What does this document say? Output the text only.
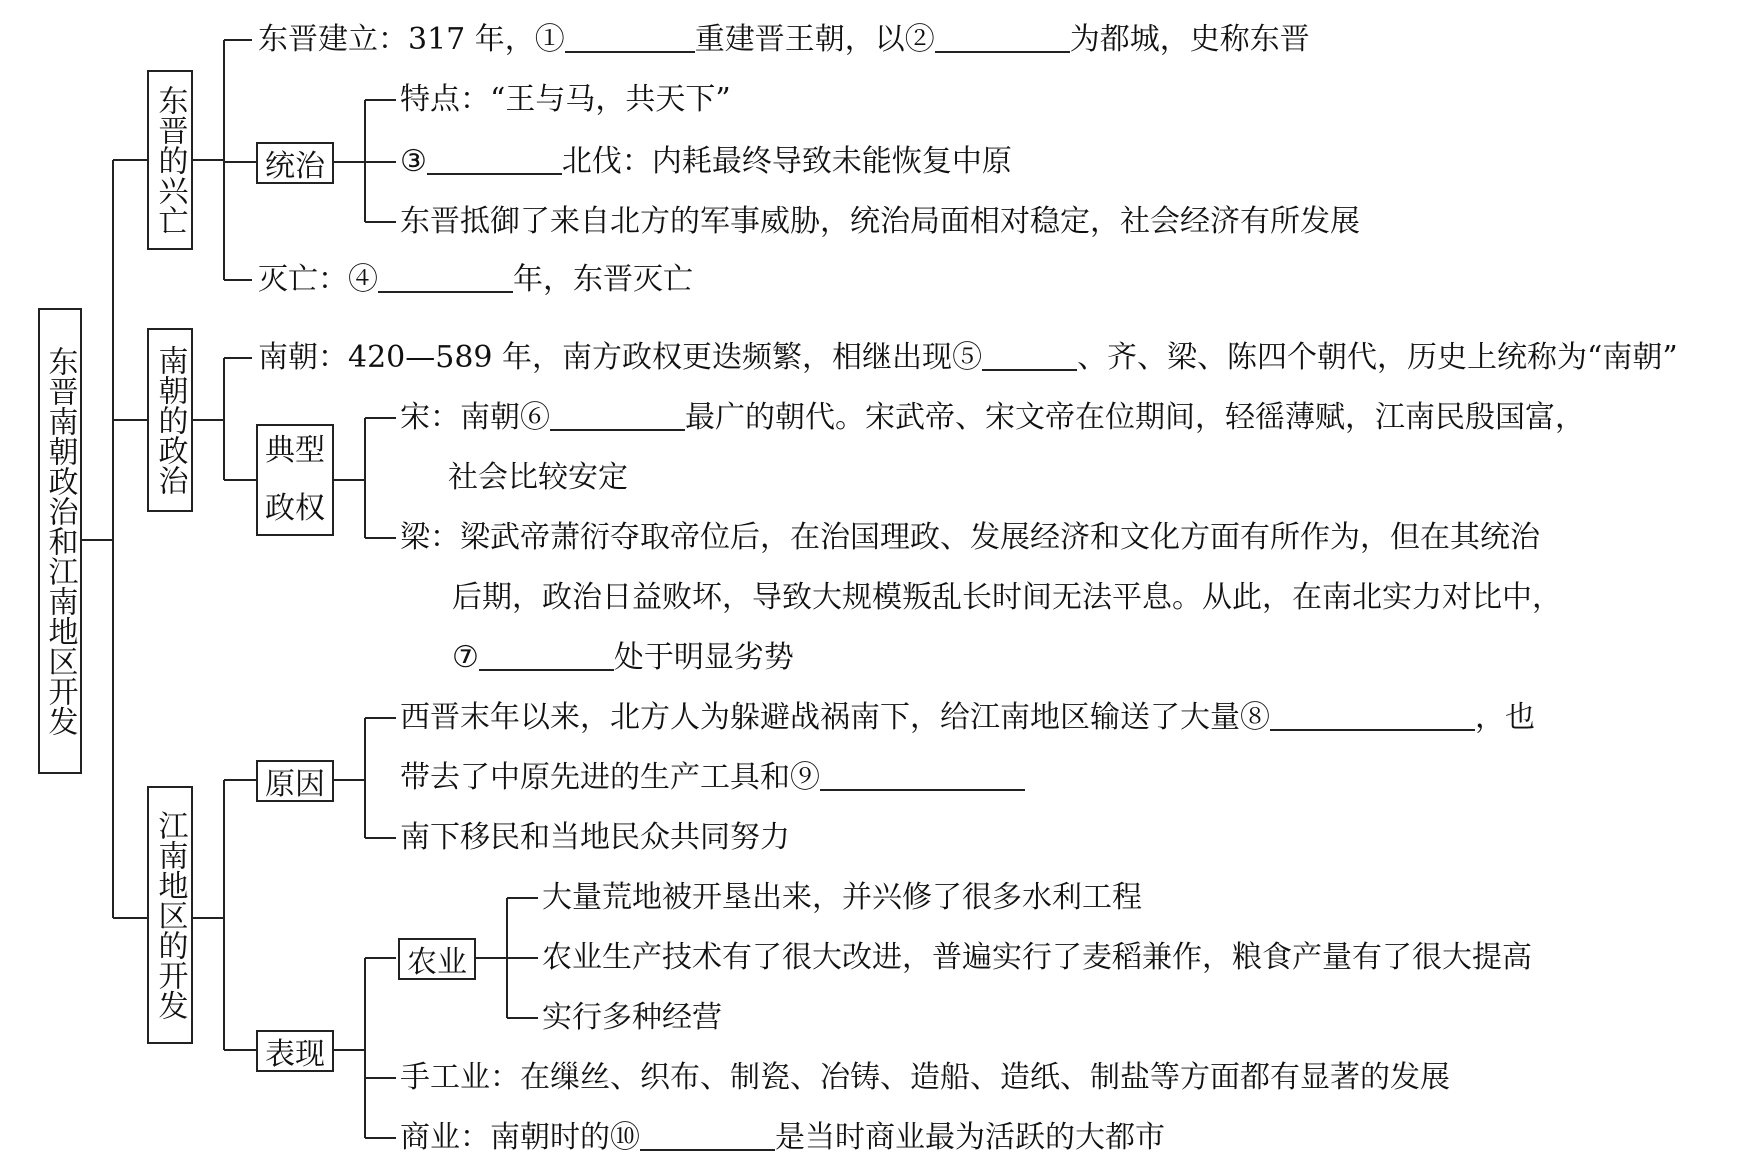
东晋南朝政治和江南地区开发
东晋的兴亡
东晋建立：317 年，①	重建晋王朝，以②	为都城，史称东晋
统治
特点：“王与马，共天下”
③	北伐：内耗最终导致未能恢复中原
东晋抵御了来自北方的军事威胁，统治局面相对稳定，社会经济有所发展
灭亡：④	年，东晋灭亡
南朝的政治 南朝：420—589 年，南方政权更迭频繁，相继出现⑤	、齐、梁、陈四个朝代，历史上统称为“南朝”
典型
政权
宋：南朝⑥	最广的朝代。宋武帝、宋文帝在位期间，轻徭薄赋，江南民殷国富，
社会比较安定
梁：梁武帝萧衍夺取帝位后，在治国理政、发展经济和文化方面有所作为，但在其统治
后期，政治日益败坏，导致大规模叛乱长时间无法平息。从此，在南北实力对比中，
⑦	处于明显劣势
江南地区的开发
原因
西晋末年以来，北方人为躲避战祸南下，给江南地区输送了大量⑧	，也
带去了中原先进的生产工具和⑨
南下移民和当地民众共同努力
表现
农业
大量荒地被开垦出来，并兴修了很多水利工程
农业生产技术有了很大改进，普遍实行了麦稻兼作，粮食产量有了很大提高
实行多种经营
手工业：在缫丝、织布、制瓷、冶铸、造船、造纸、制盐等方面都有显著的发展
商业：南朝时的⑩	是当时商业最为活跃的大都市
